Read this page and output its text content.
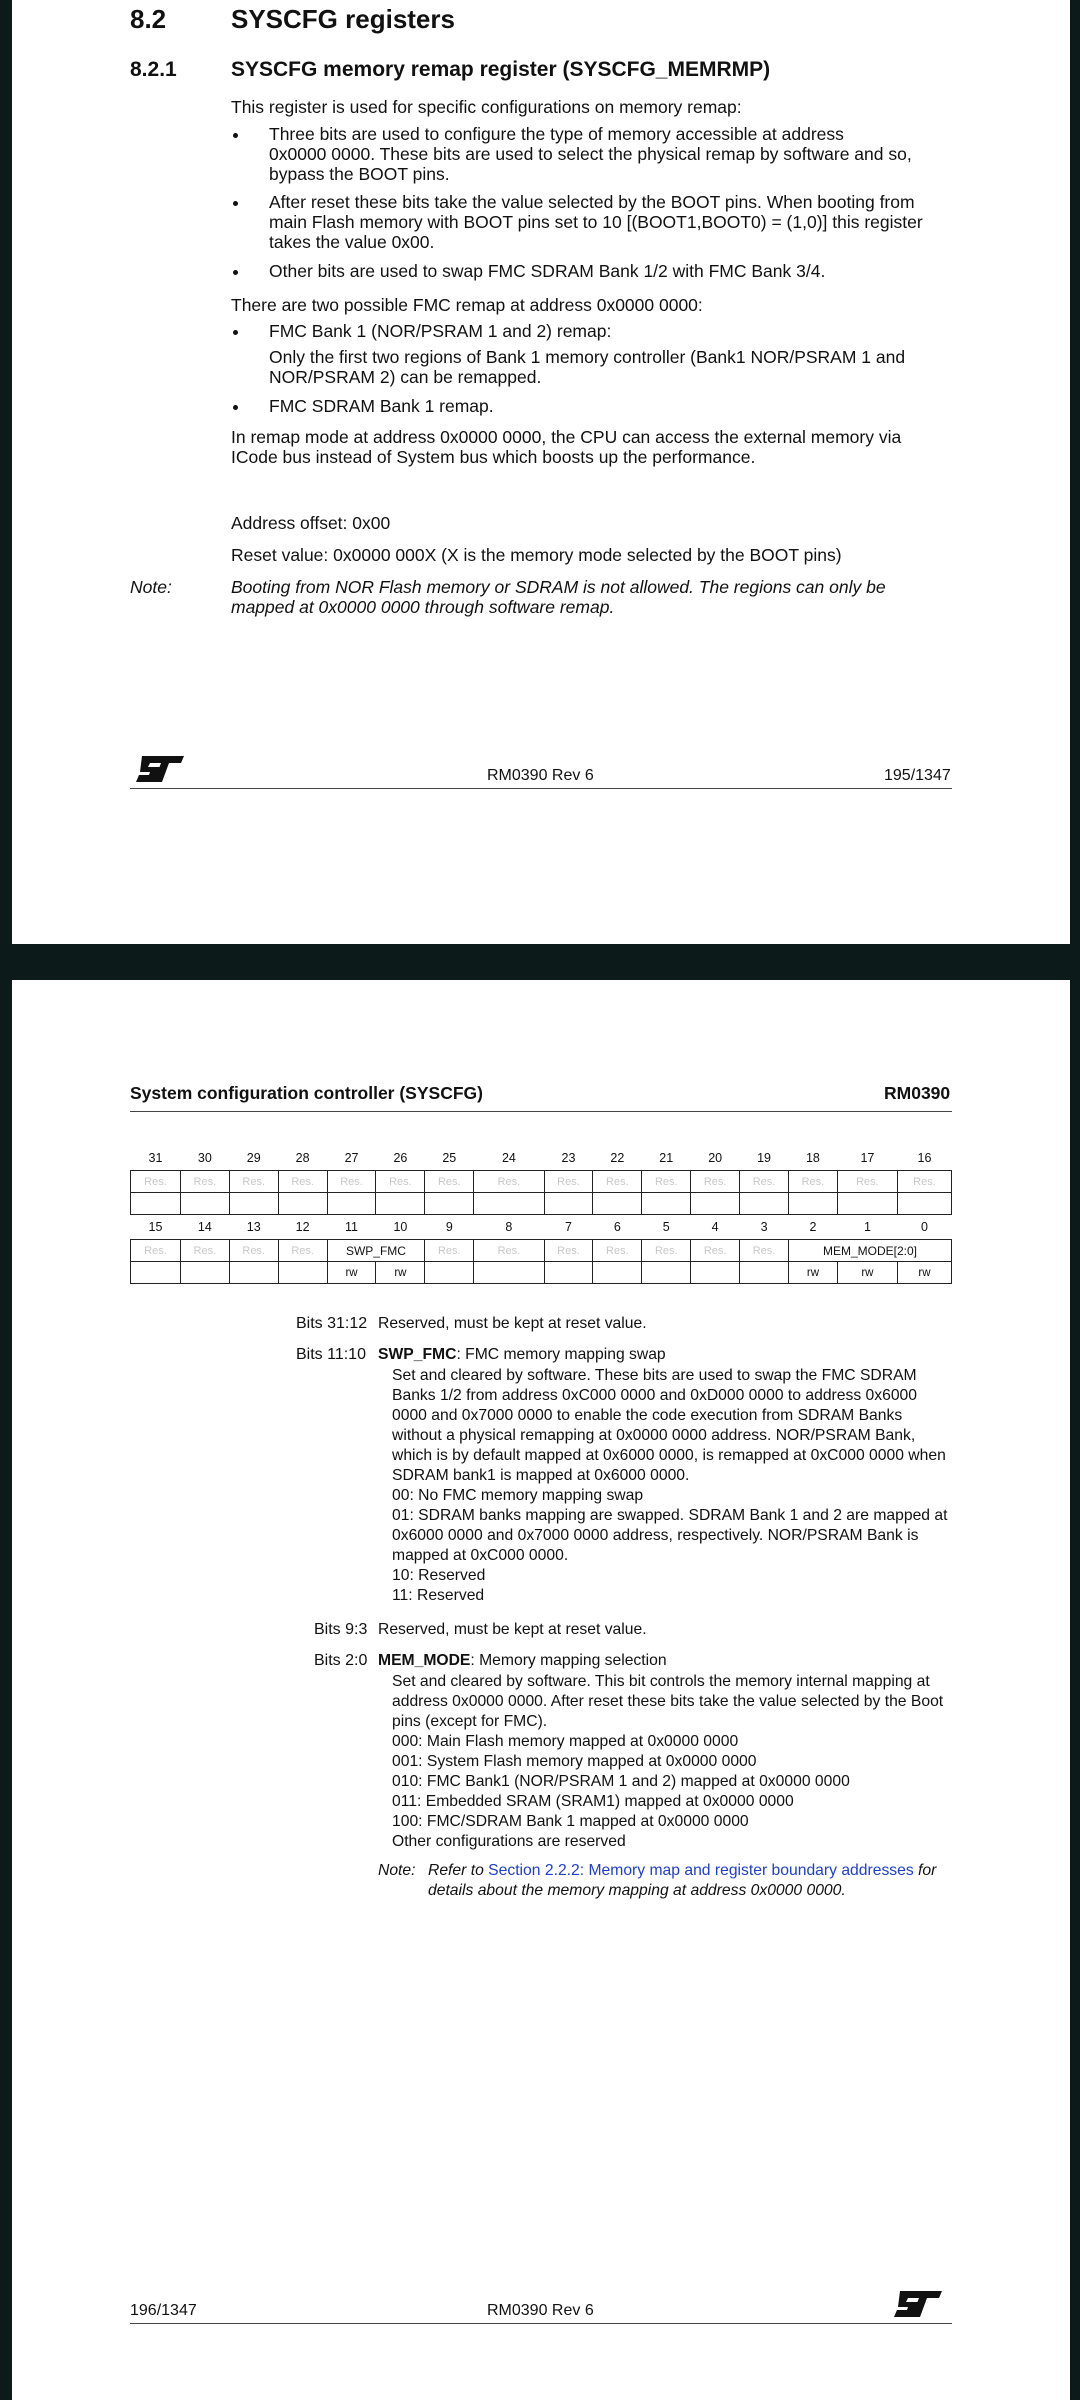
8.2 SYSCFG registers
8.2.1	SYSCFG memory remap register (SYSCFG_MEMRMP)
This register is used for specific configurations on memory remap:
Three bits are used to configure the type of memory accessible at address
0x0000 0000. These bits are used to select the physical remap by software and so,
bypass the BOOT pins.
After reset these bits take the value selected by the BOOT pins. When booting from
main Flash memory with BOOT pins set to 10 [(BOOT1,BOOT0) = (1,0)] this register
takes the value 0x00.
Other bits are used to swap FMC SDRAM Bank 1/2 with FMC Bank 3/4.
There are two possible FMC remap at address 0x0000 0000:
FMC Bank 1 (NOR/PSRAM 1 and 2) remap:
Only the first two regions of Bank 1 memory controller (Bank1 NOR/PSRAM 1 and
NOR/PSRAM 2) can be remapped.
FMC SDRAM Bank 1 remap.
In remap mode at address 0x0000 0000, the CPU can access the external memory via
ICode bus instead of System bus which boosts up the performance.
Address offset: 0x00
Reset value: 0x0000 000X (X is the memory mode selected by the BOOT pins)
Note:	Booting from NOR Flash memory or SDRAM is not allowed. The regions can only be
mapped at 0x0000 0000 through software remap.
RM0390 Rev 6	195/1347
System configuration controller (SYSCFG)	RM0390
31	30	29	28	27	26	25	24	23	22	21	20	19	18	17	16
Res.	Res.	Res.	Res.	Res.	Res.	Res.	Res.	Res.	Res.	Res.	Res.	Res.	Res.	Res.	Res.

15	14	13	12	11	10	9	8	7	6	5	4	3	2	1	0
Res.	Res.	Res.	Res.	SWP_FMC		Res.	Res.	Res.	Res.	Res.	Res.	Res.	MEM_MODE[2:0]		
				rw	rw								rw	rw	rw
Bits 31:12 Reserved, must be kept at reset value.
Bits 11:10 SWP_FMC: FMC memory mapping swap
Set and cleared by software. These bits are used to swap the FMC SDRAM
Banks 1/2 from address 0xC000 0000 and 0xD000 0000 to address 0x6000
0000 and 0x7000 0000 to enable the code execution from SDRAM Banks
without a physical remapping at 0x0000 0000 address. NOR/PSRAM Bank,
which is by default mapped at 0x6000 0000, is remapped at 0xC000 0000 when
SDRAM bank1 is mapped at 0x6000 0000.
00: No FMC memory mapping swap
01: SDRAM banks mapping are swapped. SDRAM Bank 1 and 2 are mapped at
0x6000 0000 and 0x7000 0000 address, respectively. NOR/PSRAM Bank is
mapped at 0xC000 0000.
10: Reserved
11: Reserved
Bits 9:3 Reserved, must be kept at reset value.
Bits 2:0 MEM_MODE: Memory mapping selection
Set and cleared by software. This bit controls the memory internal mapping at
address 0x0000 0000. After reset these bits take the value selected by the Boot
pins (except for FMC).
000: Main Flash memory mapped at 0x0000 0000
001: System Flash memory mapped at 0x0000 0000
010: FMC Bank1 (NOR/PSRAM 1 and 2) mapped at 0x0000 0000
011: Embedded SRAM (SRAM1) mapped at 0x0000 0000
100: FMC/SDRAM Bank 1 mapped at 0x0000 0000
Other configurations are reserved
Note: Refer to Section 2.2.2: Memory map and register boundary addresses for
details about the memory mapping at address 0x0000 0000.
196/1347	RM0390 Rev 6
